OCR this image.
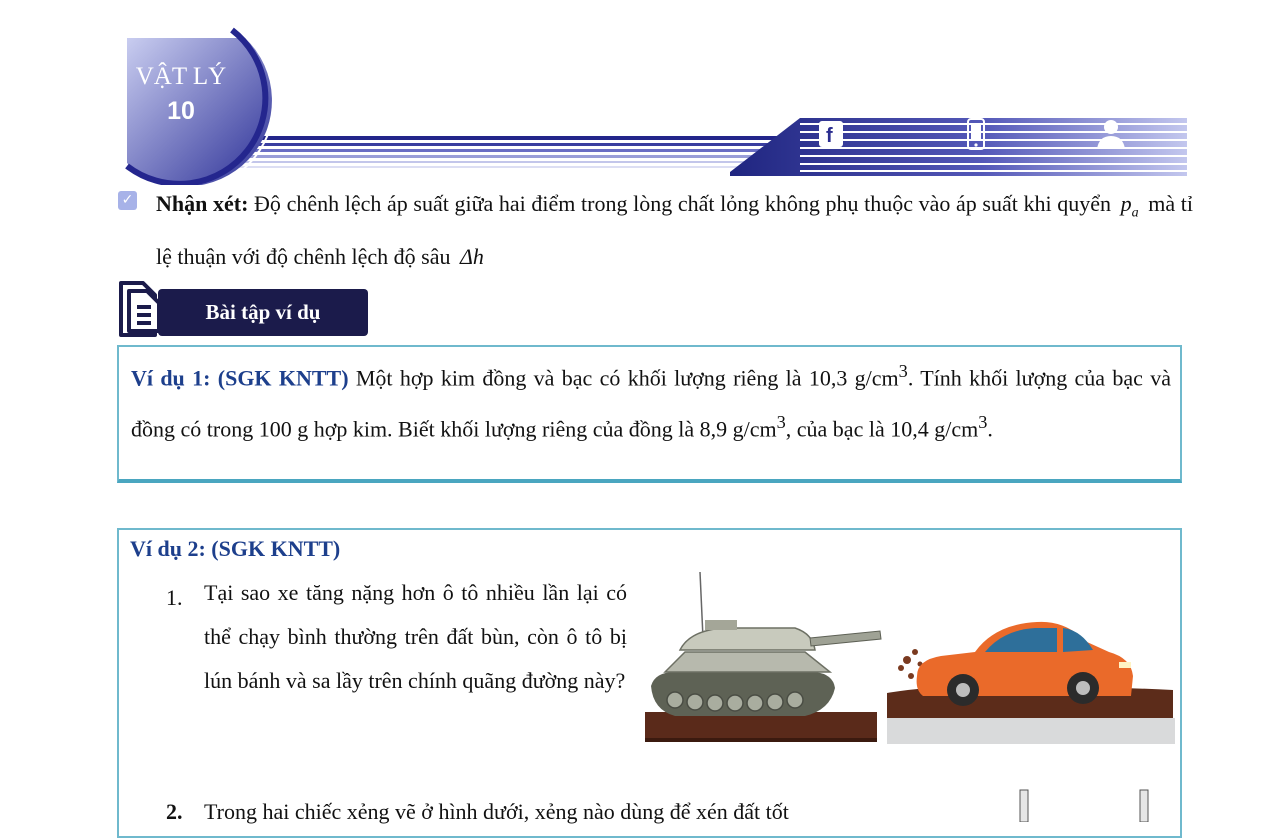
VẬT LÝ
10
f
✓ Nhận xét: Độ chênh lệch áp suất giữa hai điểm trong lòng chất lỏng không phụ thuộc vào áp suất khi quyển $p_a$ mà tỉ lệ thuận với độ chênh lệch độ sâu Δh
Bài tập ví dụ

Ví dụ 1: (SGK KNTT) Một hợp kim đồng và bạc có khối lượng riêng là 10,3 $g/cm^3$. Tính khối lượng của bạc và đồng có trong 100 g hợp kim. Biết khối lượng riêng của đồng là 8,9 $g/cm^3$, của bạc là 10,4 $g/cm^3$.

Ví dụ 2: (SGK KNTT)
1. Tại sao xe tăng nặng hơn ô tô nhiều lần lại có thể chạy bình thường trên đất bùn, còn ô tô bị lún bánh và sa lầy trên chính quãng đường này?
2. Trong hai chiếc xẻng vẽ ở hình dưới, xẻng nào dùng để xén đất tốt
